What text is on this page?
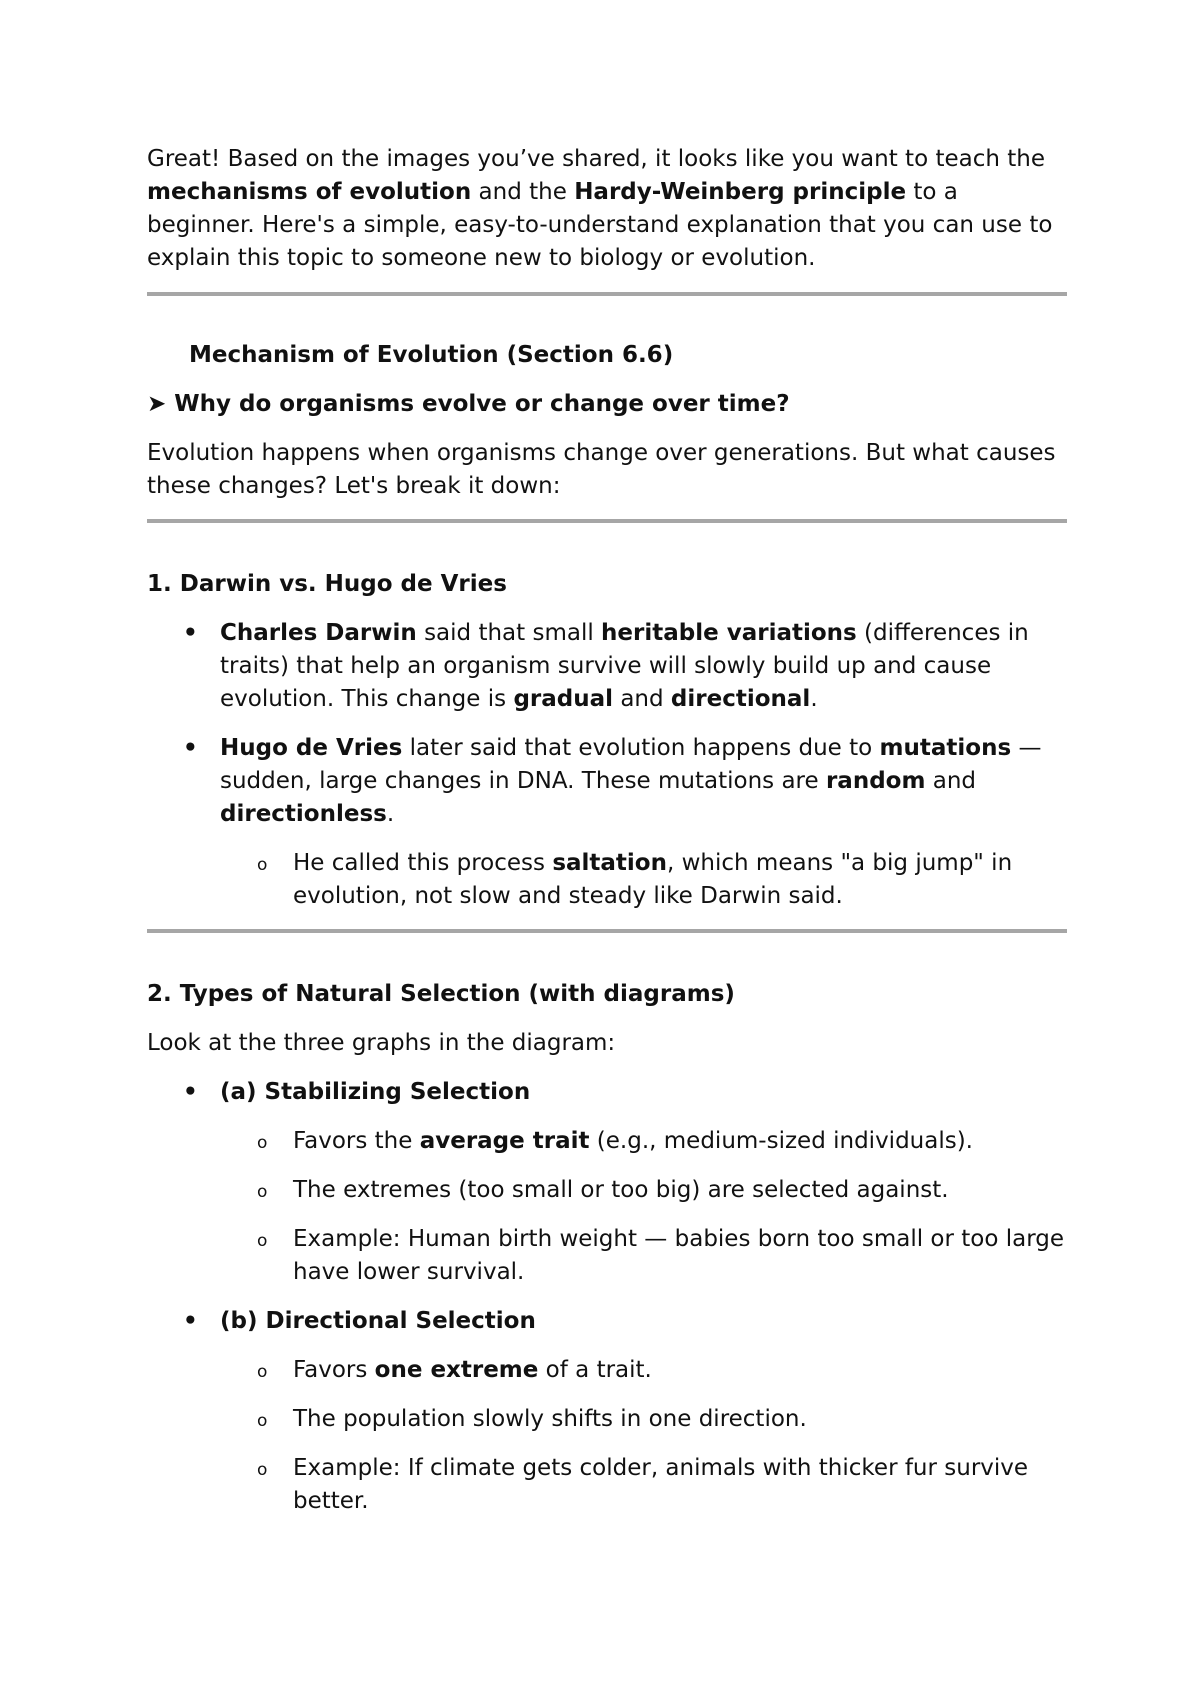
Great! Based on the images you’ve shared, it looks like you want to teach the mechanisms of evolution and the Hardy-Weinberg principle to a beginner. Here's a simple, easy-to-understand explanation that you can use to explain this topic to someone new to biology or evolution.

Mechanism of Evolution (Section 6.6)

➤ Why do organisms evolve or change over time?

Evolution happens when organisms change over generations. But what causes these changes? Let's break it down:

1. Darwin vs. Hugo de Vries

• Charles Darwin said that small heritable variations (differences in traits) that help an organism survive will slowly build up and cause evolution. This change is gradual and directional.
• Hugo de Vries later said that evolution happens due to mutations — sudden, large changes in DNA. These mutations are random and directionless.
o He called this process saltation, which means "a big jump" in evolution, not slow and steady like Darwin said.

2. Types of Natural Selection (with diagrams)

Look at the three graphs in the diagram:

• (a) Stabilizing Selection
o Favors the average trait (e.g., medium-sized individuals).
o The extremes (too small or too big) are selected against.
o Example: Human birth weight — babies born too small or too large have lower survival.
• (b) Directional Selection
o Favors one extreme of a trait.
o The population slowly shifts in one direction.
o Example: If climate gets colder, animals with thicker fur survive better.
